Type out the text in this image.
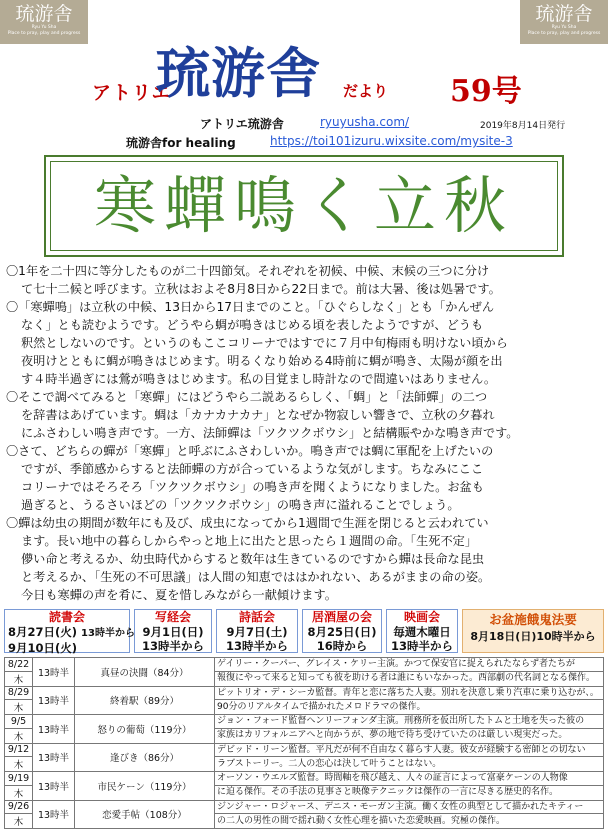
琉游舎
Ryu Yu Sha
Place to pray, play and progress
琉游舎
Ryu Yu Sha
Place to pray, play and progress
アトリエ
琉游舎 だより 59号
アトリエ琉游舎	ryuyusha.com/	2019年8月14日発行
琉游舎for healing	https://toi101izuru.wixsite.com/mysite-3
寒蟬鳴く立秋
〇1年を二十四に等分したものが二十四節気。それぞれを初候、中候、末候の三つに分け
て七十二候と呼びます。立秋はおよそ8月8日から22日まで。前は大暑、後は処暑です。
〇「寒蟬鳴」は立秋の中候、13日から17日までのこと。「ひぐらしなく」とも「かんぜん
なく」とも読むようです。どうやら蜩が鳴きはじめる頃を表したようですが、どうも
釈然としないのです。というのもここコリーナではすでに７月中旬梅雨も明けない頃から
夜明けとともに蜩が鳴きはじめます。明るくなり始める4時前に蜩が鳴き、太陽が顔を出
す４時半過ぎには鶯が鳴きはじめます。私の目覚まし時計なので間違いはありません。
〇そこで調べてみると「寒蟬」にはどうやら二説あるらしく、「蜩」と「法師蟬」の二つ
を辞書はあげています。蜩は「カナカナカナ」となぜか物寂しい響きで、立秋の夕暮れ
にふさわしい鳴き声です。一方、法師蟬は「ツクツクボウシ」と結構賑やかな鳴き声です。
〇さて、どちらの蟬が「寒蟬」と呼ぶにふさわしいか。鳴き声では蜩に軍配を上げたいの
ですが、季節感からすると法師蟬の方が合っているような気がします。ちなみにここ
コリーナではそろそろ「ツクツクボウシ」の鳴き声を聞くようになりました。お盆も
過ぎると、うるさいほどの「ツクツクボウシ」の鳴き声に溢れることでしょう。
〇蟬は幼虫の期間が数年にも及び、成虫になってから1週間で生涯を閉じると云われてい
ます。長い地中の暮らしからやっと地上に出たと思ったら１週間の命。「生死不定」
儚い命と考えるか、幼虫時代からすると数年は生きているのですから蟬は長命な昆虫
と考えるか、「生死の不可思議」は人間の知恵でははかれない、あるがままの命の姿。
今日も寒蟬の声を肴に、夏を惜しみながら一献傾けます。
読書会
8月27日(火) 13時半から
9月10日(火)
写経会
9月1日(日)
13時半から
詩話会
9月7日(土)
13時半から
居酒屋の会
8月25日(日)
16時から
映画会
毎週木曜日
13時半から
お盆施餓鬼法要
8月18日(日)10時半から
8/22	13時半	真昼の決闘（84分）	ゲイリー・クーパー、グレイス・ケリー主演。かつて保安官に捉えられたならず者たちが
木			報復にやって来ると知っても彼を助ける者は誰にもいなかった。西部劇の代名詞となる傑作。
8/29	13時半	終着駅（89分）	ピットリオ・デ・シーカ監督。青年と恋に落ちた人妻。別れを決意し乗り汽車に乗り込むが、。
木			90分のリアルタイムで描かれたメロドラマの傑作。
9/5	13時半	怒りの葡萄（119分）	ジョン・フォード監督ヘンリーフォンダ主演。刑務所を仮出所したトムと土地を失った彼の
木			家族はカリフォルニアへと向かうが、夢の地で待ち受けていたのは厳しい現実だった。
9/12	13時半	逢びき（86分）	デビッド・リーン監督。平凡だが何不自由なく暮らす人妻。彼女が経験する密師との切ない
木			ラブストーリー。二人の恋心は決して叶うことはない。
9/19	13時半	市民ケーン（119分）	オーソン・ウエルズ監督。時間軸を飛び越え、人々の証言によって富豪ケーンの人物像
木			に迫る傑作。その手法の見事さと映像テクニックは傑作の一言に尽きる歴史的名作。
9/26	13時半	恋愛手帖（108分）	ジンジャー・ロジャース、デニス・モーガン主演。働く女性の典型として描かれたキティー
木			の二人の男性の間で揺れ動く女性心理を描いた恋愛映画。究極の傑作。
